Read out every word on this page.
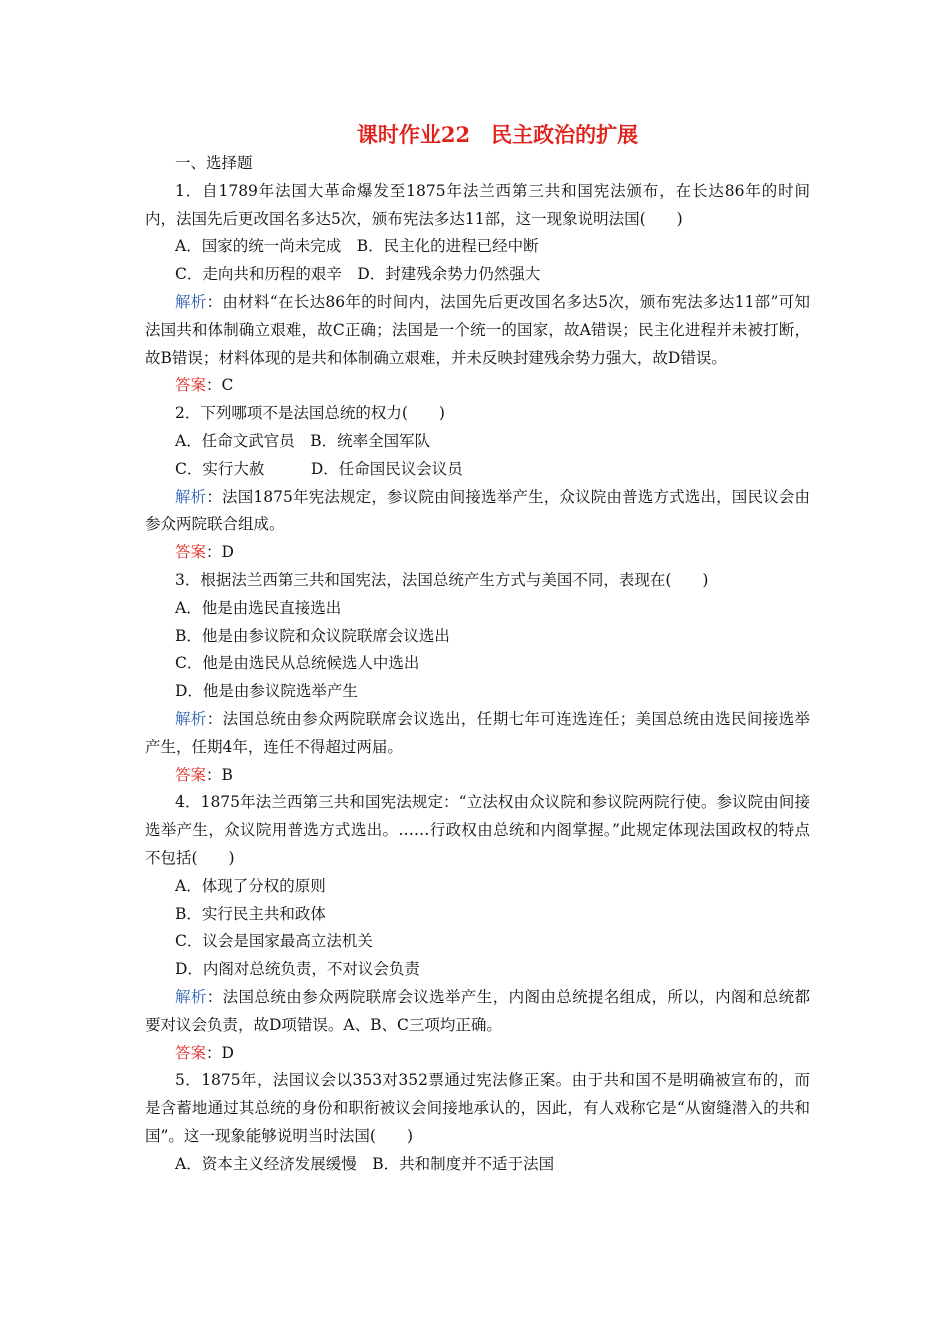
课时作业22　民主政治的扩展
一、选择题
1．自1789年法国大革命爆发至1875年法兰西第三共和国宪法颁布，在长达86年的时间内，法国先后更改国名多达5次，颁布宪法多达11部，这一现象说明法国(　　)
A．国家的统一尚未完成　B．民主化的进程已经中断
C．走向共和历程的艰辛　D．封建残余势力仍然强大
解析：由材料“在长达86年的时间内，法国先后更改国名多达5次，颁布宪法多达11部”可知法国共和体制确立艰难，故C正确；法国是一个统一的国家，故A错误；民主化进程并未被打断，故B错误；材料体现的是共和体制确立艰难，并未反映封建残余势力强大，故D错误。
答案：C
2．下列哪项不是法国总统的权力(　　)
A．任命文武官员　B．统率全国军队
C．实行大赦　　　D．任命国民议会议员
解析：法国1875年宪法规定，参议院由间接选举产生，众议院由普选方式选出，国民议会由参众两院联合组成。
答案：D
3．根据法兰西第三共和国宪法，法国总统产生方式与美国不同，表现在(　　)
A．他是由选民直接选出
B．他是由参议院和众议院联席会议选出
C．他是由选民从总统候选人中选出
D．他是由参议院选举产生
解析：法国总统由参众两院联席会议选出，任期七年可连选连任；美国总统由选民间接选举产生，任期4年，连任不得超过两届。
答案：B
4．1875年法兰西第三共和国宪法规定：“立法权由众议院和参议院两院行使。参议院由间接选举产生，众议院用普选方式选出。……行政权由总统和内阁掌握。”此规定体现法国政权的特点不包括(　　)
A．体现了分权的原则
B．实行民主共和政体
C．议会是国家最高立法机关
D．内阁对总统负责，不对议会负责
解析：法国总统由参众两院联席会议选举产生，内阁由总统提名组成，所以，内阁和总统都要对议会负责，故D项错误。A、B、C三项均正确。
答案：D
5．1875年，法国议会以353对352票通过宪法修正案。由于共和国不是明确被宣布的，而是含蓄地通过其总统的身份和职衔被议会间接地承认的，因此，有人戏称它是“从窗缝潜入的共和国”。这一现象能够说明当时法国(　　)
A．资本主义经济发展缓慢　B．共和制度并不适于法国
